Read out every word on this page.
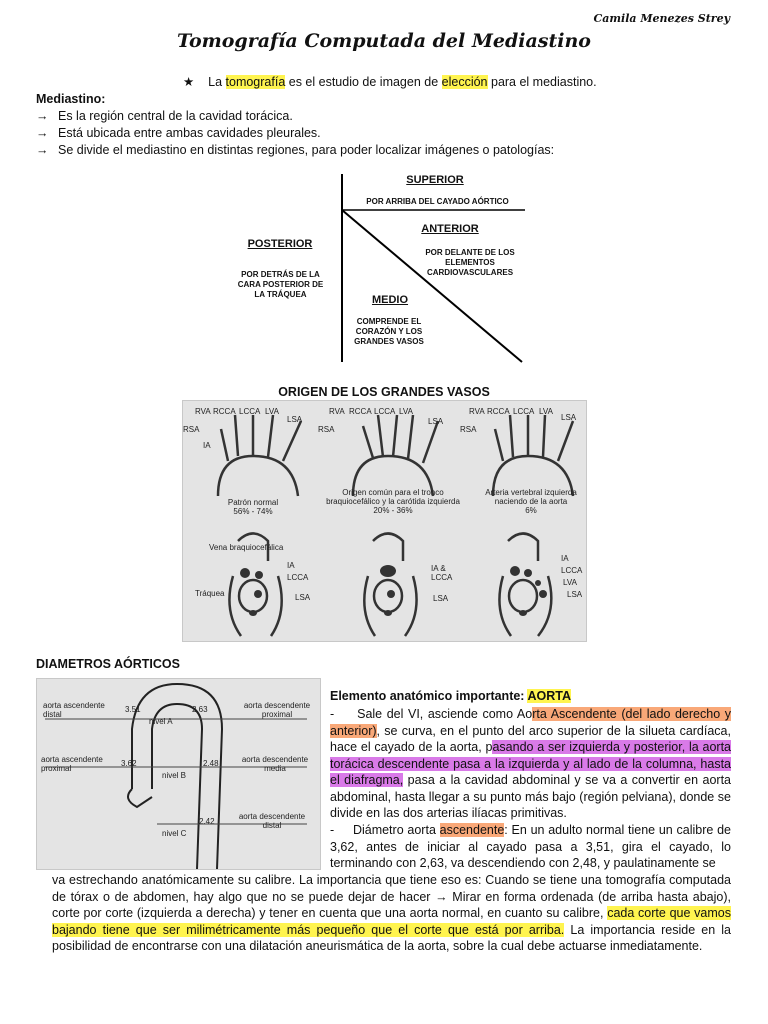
Camila Menezes Strey
Tomografía Computada del Mediastino
★ La tomografía es el estudio de imagen de elección para el mediastino.
Mediastino:
→ Es la región central de la cavidad torácica.
→ Está ubicada entre ambas cavidades pleurales.
→ Se divide el mediastino en distintas regiones, para poder localizar imágenes o patologías:
SUPERIOR
POR ARRIBA DEL CAYADO AÓRTICO
ANTERIOR
POR DELANTE DE LOS ELEMENTOS CARDIOVASCULARES
POSTERIOR
POR DETRÁS DE LA CARA POSTERIOR DE LA TRÁQUEA	MEDIO
COMPRENDE EL CORAZÓN Y LOS GRANDES VASOS
ORIGEN DE LOS GRANDES VASOS
RVA RCCA LCCA LVA
RSA
LSA
IA
RVA RCCA LCCA LVA
RSA
LSA
RVA RCCA LCCA LVA
RSA
LSA
Patrón normal
56% - 74%
Origen común para el tronco braquiocefálico y la carótida izquierda
20% - 36%
Arteria vertebral izquierda naciendo de la aorta
6%
Vena braquiocefálica
IA
LCCA
Tráquea	LSA
IA & LCCA
LSA
IA
LCCA
LVA
LSA
DIAMETROS AÓRTICOS
aorta ascendente distal
aorta ascendente proximal
aorta descendente proximal
aorta descendente media
aorta descendente distal
nivel A
nivel B
nivel C
3.51	2.63
3.62	2.48
2.42
Elemento anatómico importante: AORTA
- Sale del VI, asciende como Aorta Ascendente (del lado derecho y anterior), se curva, en el punto del arco superior de la silueta cardíaca, hace el cayado de la aorta, pasando a ser izquierda y posterior, la aorta torácica descendente pasa a la izquierda y al lado de la columna, hasta el diafragma, pasa a la cavidad abdominal y se va a convertir en aorta abdominal, hasta llegar a su punto más bajo (región pelviana), donde se divide en las dos arterias ilíacas primitivas.
- Diámetro aorta ascendente: En un adulto normal tiene un calibre de 3,62, antes de iniciar al cayado pasa a 3,51, gira el cayado, lo terminando con 2,63, va descendiendo con 2,48, y paulatinamente se
va estrechando anatómicamente su calibre. La importancia que tiene eso es: Cuando se tiene una tomografía computada de tórax o de abdomen, hay algo que no se puede dejar de hacer → Mirar en forma ordenada (de arriba hasta abajo), corte por corte (izquierda a derecha) y tener en cuenta que una aorta normal, en cuanto su calibre, cada corte que vamos bajando tiene que ser milimétricamente más pequeño que el corte que está por arriba. La importancia reside en la posibilidad de encontrarse con una dilatación aneurismática de la aorta, sobre la cual debe actuarse inmediatamente.
